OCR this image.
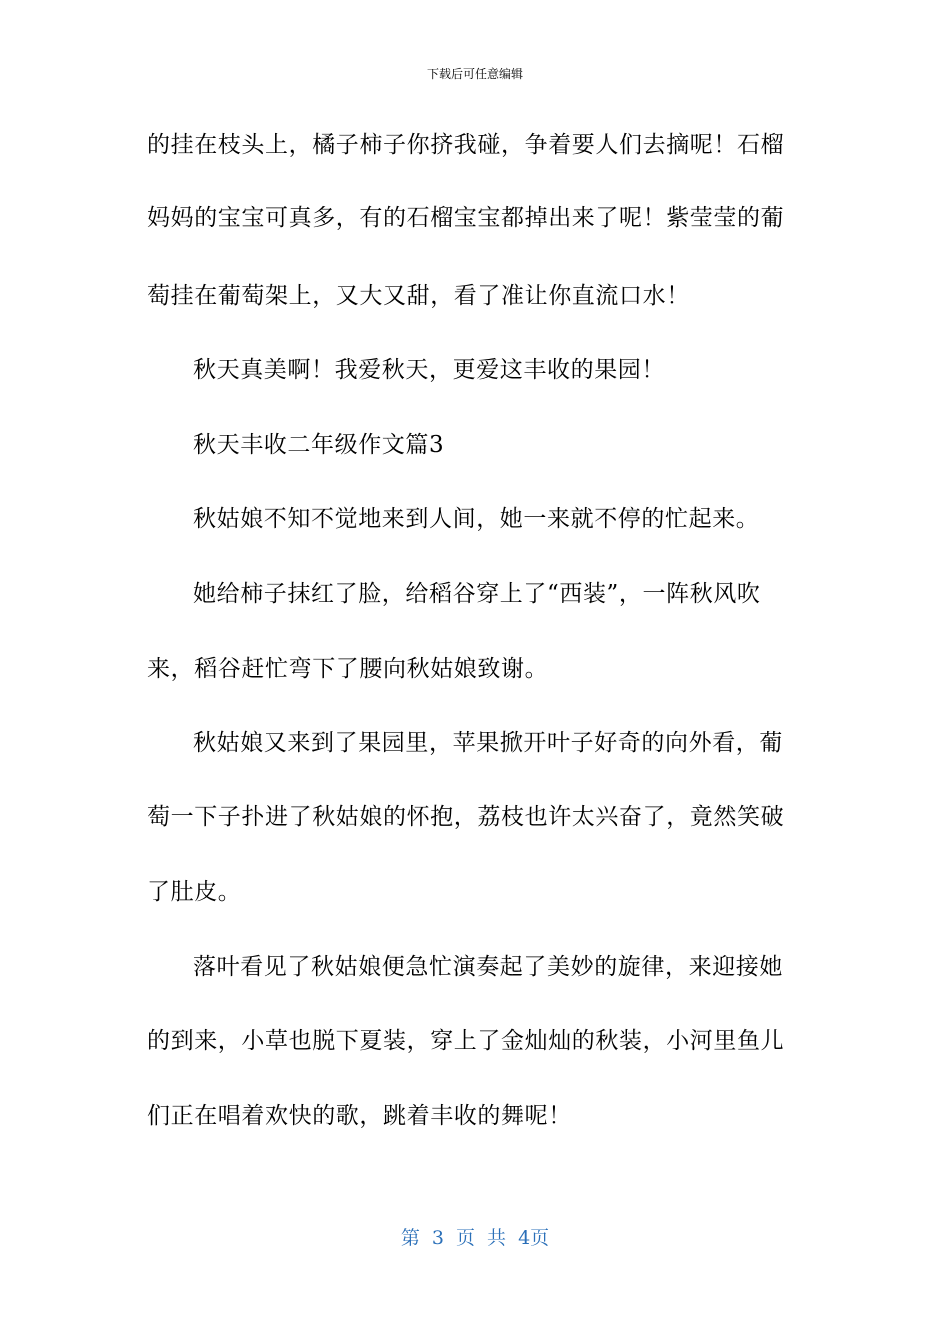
下载后可任意编辑
的挂在枝头上，橘子柿子你挤我碰，争着要人们去摘呢！石榴
妈妈的宝宝可真多，有的石榴宝宝都掉出来了呢！紫莹莹的葡
萄挂在葡萄架上，又大又甜，看了准让你直流口水！
秋天真美啊！我爱秋天，更爱这丰收的果园！
秋天丰收二年级作文篇3
秋姑娘不知不觉地来到人间，她一来就不停的忙起来。
她给柿子抹红了脸，给稻谷穿上了“西装”，一阵秋风吹
来，稻谷赶忙弯下了腰向秋姑娘致谢。
秋姑娘又来到了果园里，苹果掀开叶子好奇的向外看，葡
萄一下子扑进了秋姑娘的怀抱，荔枝也许太兴奋了，竟然笑破
了肚皮。
落叶看见了秋姑娘便急忙演奏起了美妙的旋律，来迎接她
的到来，小草也脱下夏装，穿上了金灿灿的秋装，小河里鱼儿
们正在唱着欢快的歌，跳着丰收的舞呢！
第 3 页 共 4页
